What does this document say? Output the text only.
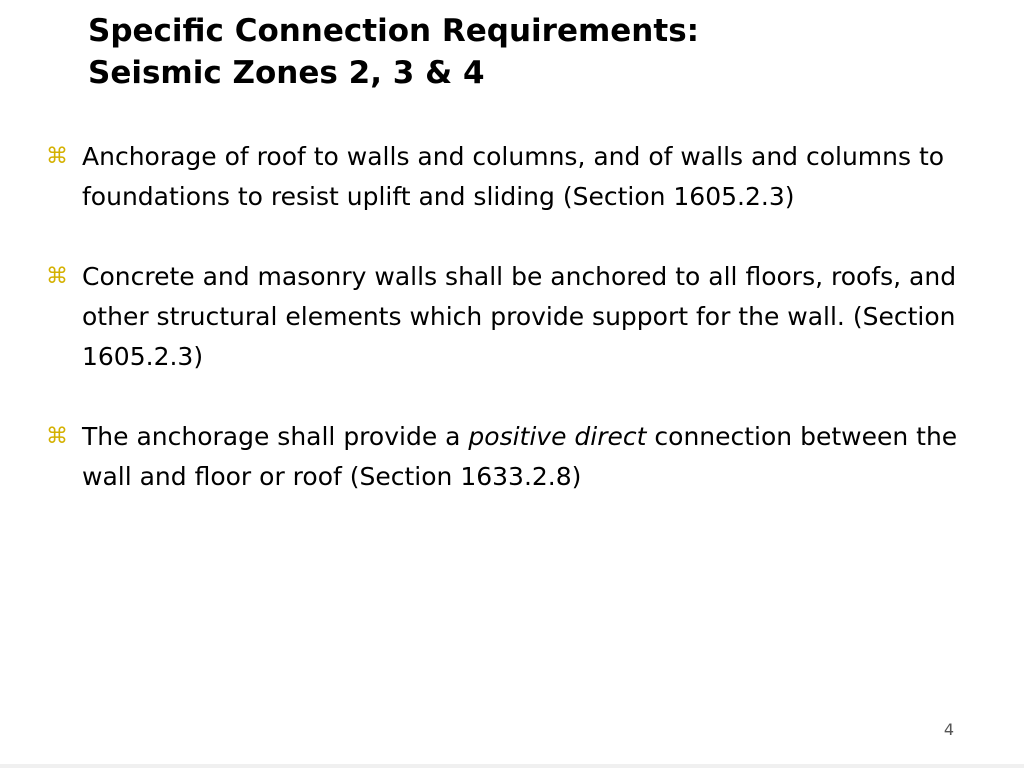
Specific Connection Requirements:
Seismic Zones 2, 3 & 4
⌘ Anchorage of roof to walls and columns, and of walls and columns to foundations to resist uplift and sliding (Section 1605.2.3)
⌘ Concrete and masonry walls shall be anchored to all floors, roofs, and other structural elements which provide support for the wall. (Section 1605.2.3)
⌘ The anchorage shall provide a positive direct connection between the wall and floor or roof (Section 1633.2.8)
4
